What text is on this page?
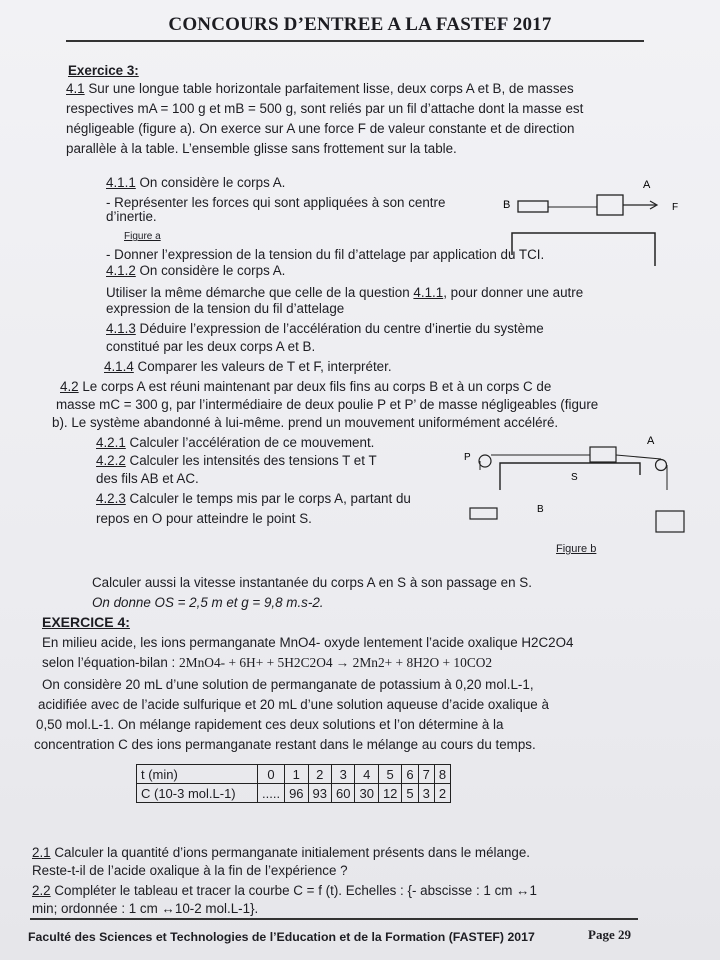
CONCOURS D’ENTREE A LA FASTEF 2017
Exercice 3:
4.1 Sur une longue table horizontale parfaitement lisse, deux corps A et B, de masses
respectives mA = 100 g et mB = 500 g, sont reliés par un fil d’attache dont la masse est
négligeable (figure a). On exerce sur A une force F de valeur constante et de direction
parallèle à la table. L’ensemble glisse sans frottement sur la table.
4.1.1 On considère le corps A.
- Représenter les forces qui sont appliquées à son centre
d’inertie.
Figure a
- Donner l’expression de la tension du fil d’attelage par application du TCI.
4.1.2 On considère le corps A.
Utiliser la même démarche que celle de la question 4.1.1, pour donner une autre
expression de la tension du fil d’attelage
4.1.3 Déduire l’expression de l’accélération du centre d’inertie du système
constitué par les deux corps A et B.
4.1.4 Comparer les valeurs de T et F, interpréter.
4.2 Le corps A est réuni maintenant par deux fils fins au corps B et à un corps C de
masse mC = 300 g, par l’intermédiaire de deux poulie P et P’ de masse négligeables (figure
b). Le système abandonné à lui-même. prend un mouvement uniformément accéléré.
4.2.1 Calculer l’accélération de ce mouvement.
4.2.2 Calculer les intensités des tensions T et T
des fils AB et AC.
4.2.3 Calculer le temps mis par le corps A, partant du
repos en O pour atteindre le point S.
Figure b
Calculer aussi la vitesse instantanée du corps A en S à son passage en S.
On donne OS = 2,5 m et g = 9,8 m.s-2.
A
B	F
A
P
S
B
EXERCICE 4:
En milieu acide, les ions permanganate MnO4- oxyde lentement l’acide oxalique H2C2O4
selon l’équation-bilan : 2MnO4- + 6H+ + 5H2C2O4 → 2Mn2+ + 8H2O + 10CO2
On considère 20 mL d’une solution de permanganate de potassium à 0,20 mol.L-1,
acidifiée avec de l’acide sulfurique et 20 mL d’une solution aqueuse d’acide oxalique à
0,50 mol.L-1. On mélange rapidement ces deux solutions et l’on détermine à la
concentration C des ions permanganate restant dans le mélange au cours du temps.
t (min)	0	1	2	3	4	5	6	7	8
C (10-3 mol.L-1)	.....	96	93	60	30	12	5	3	2
2.1 Calculer la quantité d’ions permanganate initialement présents dans le mélange.
Reste-t-il de l’acide oxalique à la fin de l’expérience ?
2.2 Compléter le tableau et tracer la courbe C = f (t). Echelles : {- abscisse : 1 cm ↔1
min; ordonnée : 1 cm ↔10-2 mol.L-1}.
Faculté des Sciences et Technologies de l’Education et de la Formation (FASTEF) 2017	Page 29
